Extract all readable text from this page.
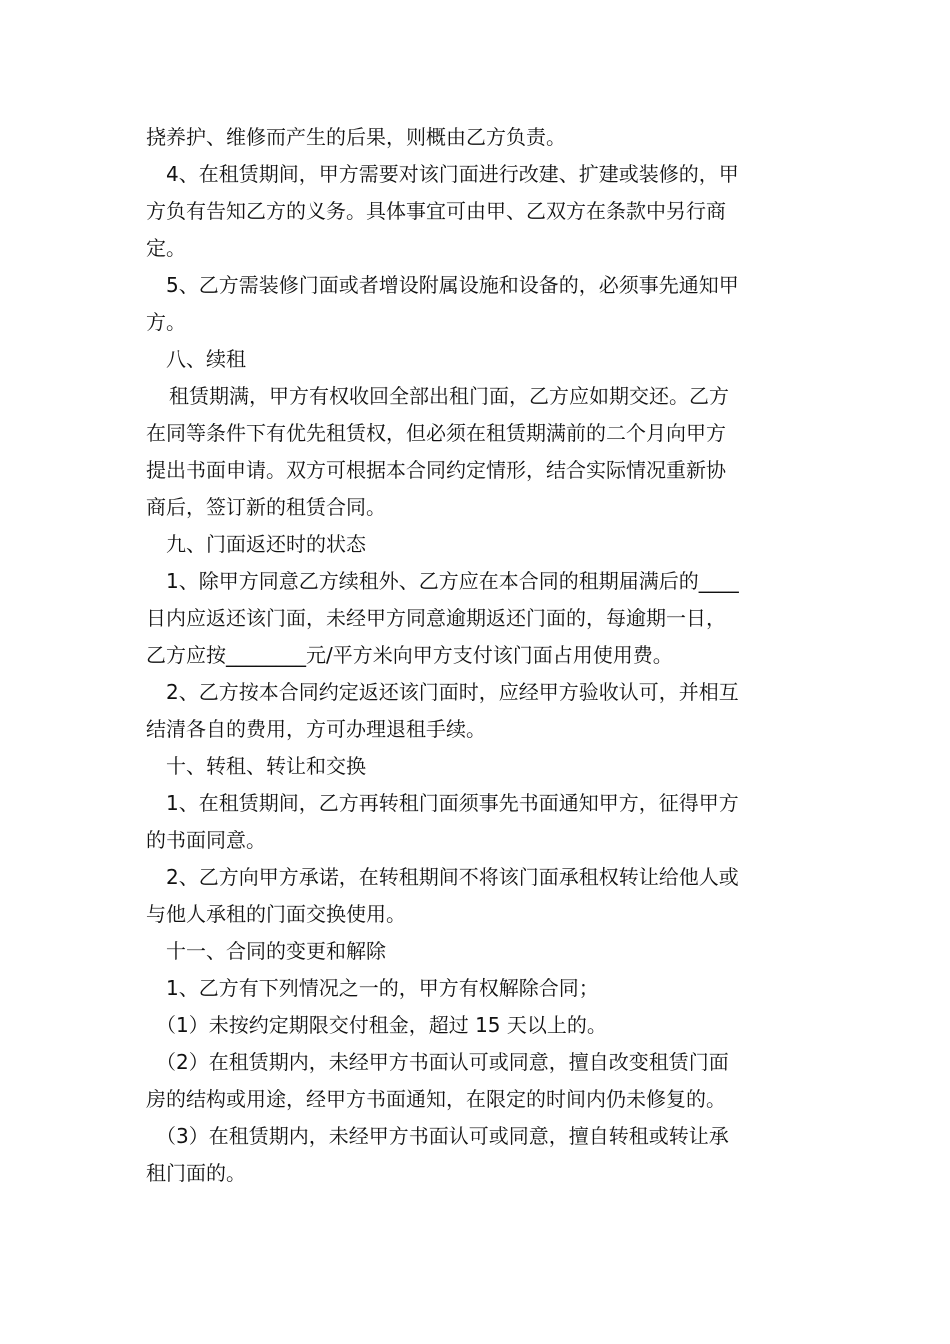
挠养护、维修而产生的后果，则概由乙方负责。
4、在租赁期间，甲方需要对该门面进行改建、扩建或装修的，甲
方负有告知乙方的义务。具体事宜可由甲、乙双方在条款中另行商
定。
5、乙方需装修门面或者增设附属设施和设备的，必须事先通知甲
方。
八、续租
租赁期满，甲方有权收回全部出租门面，乙方应如期交还。乙方
在同等条件下有优先租赁权，但必须在租赁期满前的二个月向甲方
提出书面申请。双方可根据本合同约定情形，结合实际情况重新协
商后，签订新的租赁合同。
九、门面返还时的状态
1、除甲方同意乙方续租外、乙方应在本合同的租期届满后的____
日内应返还该门面，未经甲方同意逾期返还门面的，每逾期一日，
乙方应按________元/平方米向甲方支付该门面占用使用费。
2、乙方按本合同约定返还该门面时，应经甲方验收认可，并相互
结清各自的费用，方可办理退租手续。
十、转租、转让和交换
1、在租赁期间，乙方再转租门面须事先书面通知甲方，征得甲方
的书面同意。
2、乙方向甲方承诺，在转租期间不将该门面承租权转让给他人或
与他人承租的门面交换使用。
十一、合同的变更和解除
1、乙方有下列情况之一的，甲方有权解除合同；
（1）未按约定期限交付租金，超过 15 天以上的。
（2）在租赁期内，未经甲方书面认可或同意，擅自改变租赁门面
房的结构或用途，经甲方书面通知，在限定的时间内仍未修复的。
（3）在租赁期内，未经甲方书面认可或同意，擅自转租或转让承
租门面的。
